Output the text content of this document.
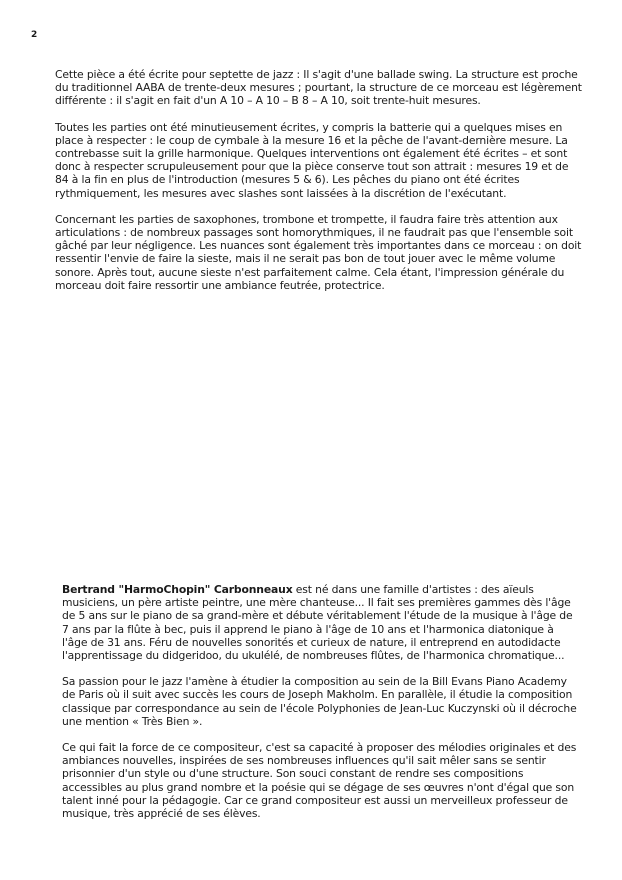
2

Cette pièce a été écrite pour septette de jazz : Il s'agit d'une ballade swing. La structure est proche du traditionnel AABA de trente-deux mesures ; pourtant, la structure de ce morceau est légèrement différente : il s'agit en fait d'un A 10 – A 10 – B 8 – A 10, soit trente-huit mesures.

Toutes les parties ont été minutieusement écrites, y compris la batterie qui a quelques mises en place à respecter : le coup de cymbale à la mesure 16 et la pêche de l'avant-dernière mesure. La contrebasse suit la grille harmonique. Quelques interventions ont également été écrites – et sont donc à respecter scrupuleusement pour que la pièce conserve tout son attrait : mesures 19 et de 84 à la fin en plus de l'introduction (mesures 5 & 6). Les pêches du piano ont été écrites rythmiquement, les mesures avec slashes sont laissées à la discrétion de l'exécutant.

Concernant les parties de saxophones, trombone et trompette, il faudra faire très attention aux articulations : de nombreux passages sont homorythmiques, il ne faudrait pas que l'ensemble soit gâché par leur négligence. Les nuances sont également très importantes dans ce morceau : on doit ressentir l'envie de faire la sieste, mais il ne serait pas bon de tout jouer avec le même volume sonore. Après tout, aucune sieste n'est parfaitement calme. Cela étant, l'impression générale du morceau doit faire ressortir une ambiance feutrée, protectrice.

Bertrand "HarmoChopin" Carbonneaux est né dans une famille d'artistes : des aïeuls musiciens, un père artiste peintre, une mère chanteuse... Il fait ses premières gammes dès l'âge de 5 ans sur le piano de sa grand-mère et débute véritablement l'étude de la musique à l'âge de 7 ans par la flûte à bec, puis il apprend le piano à l'âge de 10 ans et l'harmonica diatonique à l'âge de 31 ans. Féru de nouvelles sonorités et curieux de nature, il entreprend en autodidacte l'apprentissage du didgeridoo, du ukulélé, de nombreuses flûtes, de l'harmonica chromatique...

Sa passion pour le jazz l'amène à étudier la composition au sein de la Bill Evans Piano Academy de Paris où il suit avec succès les cours de Joseph Makholm. En parallèle, il étudie la composition classique par correspondance au sein de l'école Polyphonies de Jean-Luc Kuczynski où il décroche une mention « Très Bien ».

Ce qui fait la force de ce compositeur, c'est sa capacité à proposer des mélodies originales et des ambiances nouvelles, inspirées de ses nombreuses influences qu'il sait mêler sans se sentir prisonnier d'un style ou d'une structure. Son souci constant de rendre ses compositions accessibles au plus grand nombre et la poésie qui se dégage de ses œuvres n'ont d'égal que son talent inné pour la pédagogie. Car ce grand compositeur est aussi un merveilleux professeur de musique, très apprécié de ses élèves.
